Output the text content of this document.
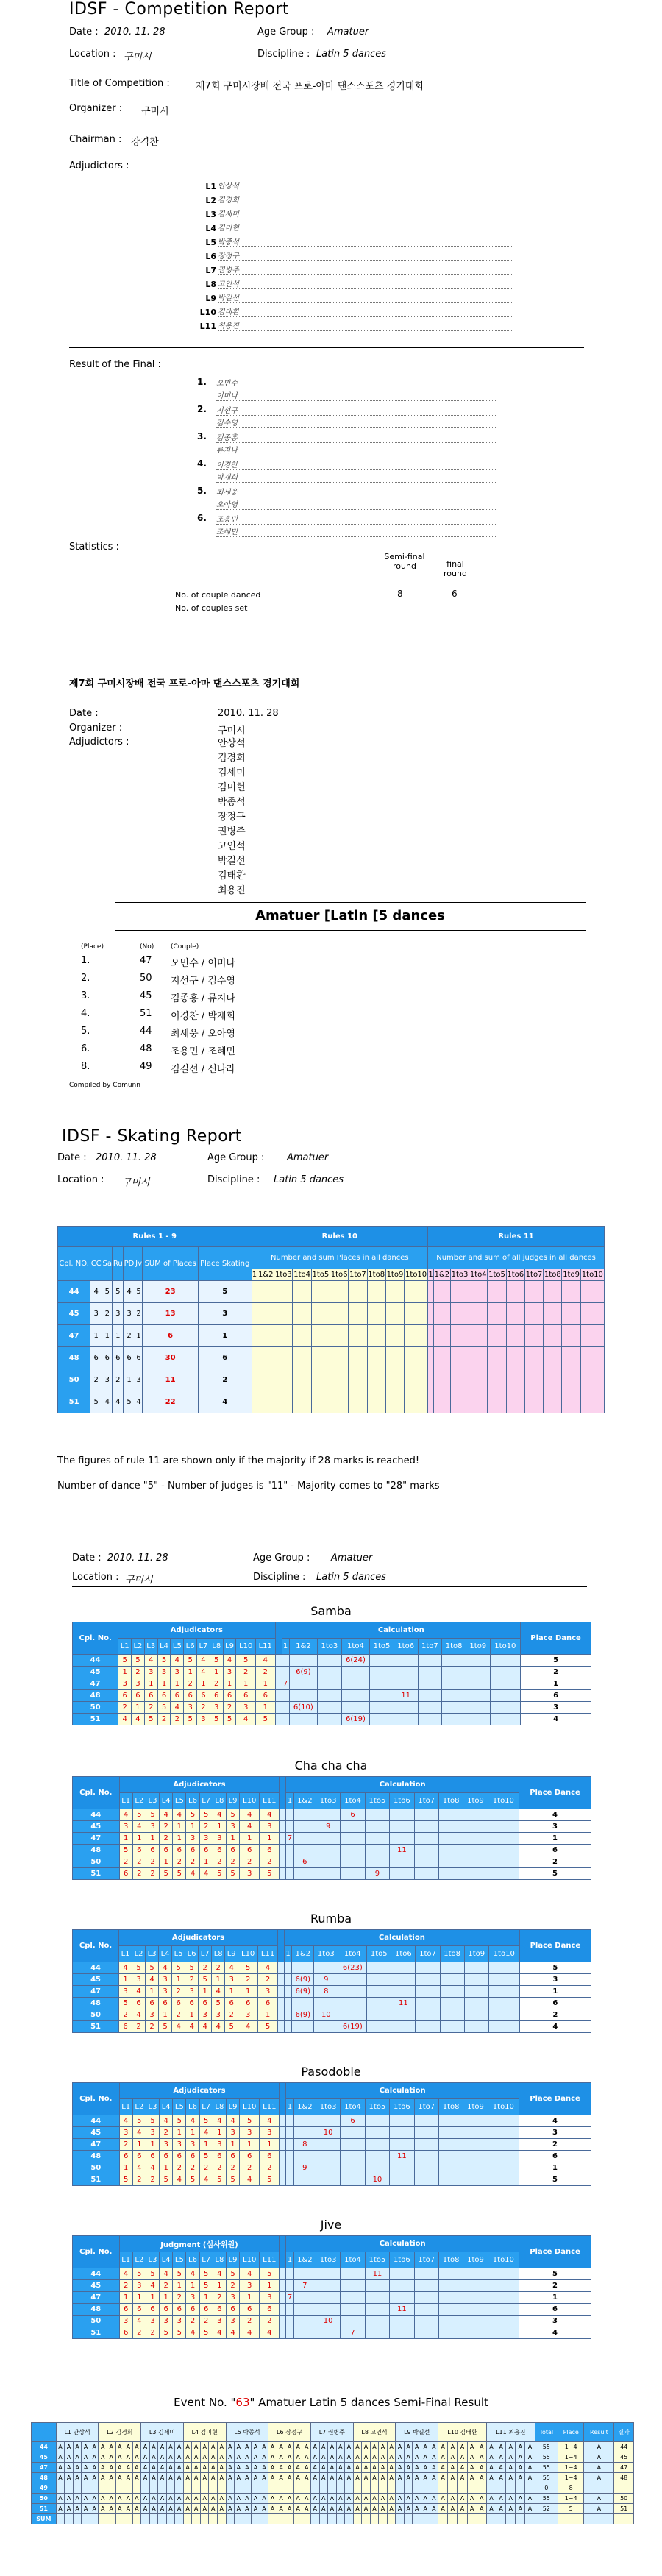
IDSF - Competition Report
Date : 2010. 11. 28	Age Group : Amatuer
Location : 구미시	Discipline : Latin 5 dances
Title of Competition :	제7회 구미시장배 전국 프로-아마 댄스스포츠 경기대회
Organizer : 구미시
Chairman : 강격찬
Adjudictors :
L1 안상석
L2 김경희
L3 김세미
L4 김미현
L5 박종석
L6 장정구
L7 권병주
L8 고인석
L9 박길선
L10 김태환
L11 최용진
Result of the Final :
1. 오민수
이미나
2. 지선구
김수영
3. 김종홍
류지나
4. 이경찬
박재희
5. 최세웅
오아영
6. 조용민
조혜민
Statistics :
Semi-final round	final round
No. of couple danced
No. of couples set
8	6
제7회 구미시장배 전국 프로-아마 댄스스포츠 경기대회
Date :	2010. 11. 28
Organizer :	구미시
Adjudictors :	안상석
김경희
김세미
김미현
박종석
장정구
권병주
고인석
박길선
김태환
최용진
Amatuer [Latin [5 dances
(Place)	(No)	(Couple)
1.	47	오민수 / 이미나
2.	50	지선구 / 김수영
3.	45	김종홍 / 류지나
4.	51	이경찬 / 박재희
5.	44	최세웅 / 오아영
6.	48	조용민 / 조혜민
8.	49	김길선 / 신나라
Compiled by Comunn
IDSF - Skating Report
Date : 2010. 11. 28	Age Group : Amatuer
Location : 구미시	Discipline : Latin 5 dances
Rules 1 - 9								Rules 10										Rules 11									
Cpl. NO.	CC	Sa	Ru	PD	Jv	SUM of Places	Place Skating	Number and sum Places in all dances										Number and sum of all judges in all dances									
								1	1&2	1to3	1to4	1to5	1to6	1to7	1to8	1to9	1to10	1	1&2	1to3	1to4	1to5	1to6	1to7	1to8	1to9	1to10
44	4	5	5	4	5	23	5																				
45	3	2	3	3	2	13	3																				
47	1	1	1	2	1	6	1																				
48	6	6	6	6	6	30	6																				
50	2	3	2	1	3	11	2																				
51	5	4	4	5	4	22	4																				
The figures of rule 11 are shown only if the majority if 28 marks is reached!
Number of dance "5" - Number of judges is "11" - Majority comes to "28" marks
Date : 2010. 11. 28	Age Group : Amatuer
Location : 구미시	Discipline : Latin 5 dances
Cpl. No.	Adjudicators												Calculation										Place Dance
	L1	L2	L3	L4	L5	L6	L7	L8	L9	L10	L11		1	1&2	1to3	1to4	1to5	1to6	1to7	1to8	1to9	1to10	
44	5	5	4	5	4	5	4	5	4	5	4					6(24)							5
45	1	2	3	3	3	1	4	1	3	2	2			6(9)									2
47	3	3	1	1	1	2	1	2	1	1	1		7										1
48	6	6	6	6	6	6	6	6	6	6	6							11					6
50	2	1	2	5	4	3	2	3	2	3	1			6(10)									3
51	4	4	5	2	2	5	3	5	5	4	5					6(19)							4
Cpl. No.	Adjudicators												Calculation										Place Dance
	L1	L2	L3	L4	L5	L6	L7	L8	L9	L10	L11		1	1&2	1to3	1to4	1to5	1to6	1to7	1to8	1to9	1to10	
44	4	5	5	4	4	5	5	4	5	4	4					6							4
45	3	4	3	2	1	1	2	1	3	4	3				9								3
47	1	1	1	2	1	3	3	3	1	1	1		7										1
48	5	6	6	6	6	6	6	6	6	6	6							11					6
50	2	2	2	1	2	2	1	2	2	2	2			6									2
51	6	2	2	5	5	4	4	5	5	3	5						9						5
Cpl. No.	Adjudicators												Calculation										Place Dance
	L1	L2	L3	L4	L5	L6	L7	L8	L9	L10	L11		1	1&2	1to3	1to4	1to5	1to6	1to7	1to8	1to9	1to10	
44	4	5	5	4	5	5	2	2	4	5	4					6(23)							5
45	1	3	4	3	1	2	5	1	3	2	2			6(9)	9								3
47	3	4	1	3	2	3	1	4	1	1	3			6(9)	8								1
48	5	6	6	6	6	6	6	5	6	6	6							11					6
50	2	4	3	1	2	1	3	3	2	3	1			6(9)	10								2
51	6	2	2	5	4	4	4	4	5	4	5					6(19)							4
Cpl. No.	Adjudicators												Calculation										Place Dance
	L1	L2	L3	L4	L5	L6	L7	L8	L9	L10	L11		1	1&2	1to3	1to4	1to5	1to6	1to7	1to8	1to9	1to10	
44	4	5	5	4	5	4	5	4	4	5	4					6							4
45	3	4	3	2	1	1	4	1	3	3	3				10								3
47	2	1	1	3	3	3	1	3	1	1	1			8									2
48	6	6	6	6	6	6	5	6	6	6	6							11					6
50	1	4	4	1	2	2	2	2	2	2	2			9									1
51	5	2	2	5	4	5	4	5	5	4	5						10						5
Cpl. No.	Judgment (심사위원)												Calculation										Place Dance
	L1	L2	L3	L4	L5	L6	L7	L8	L9	L10	L11		1	1&2	1to3	1to4	1to5	1to6	1to7	1to8	1to9	1to10	
44	4	5	5	4	5	4	5	4	5	4	5						11						5
45	2	3	4	2	1	1	5	1	2	3	1			7									2
47	1	1	1	1	2	3	1	2	3	1	3		7										1
48	6	6	6	6	6	6	6	6	6	6	6							11					6
50	3	4	3	3	3	2	2	3	3	2	2				10								3
51	6	2	2	5	5	4	5	4	4	4	4					7							4
Event No. "63" Amatuer Latin 5 dances Semi-Final Result
	L1 안상석					L2 김경희					L3 김세미					L4 김미현					L5 박종석					L6 장정구					L7 권병주					L8 고인석					L9 박길선					L10 김태환					L11 최용진					Total	Place	Result	결과
44	A	A	A	A	A	A	A	A	A	A	A	A	A	A	A	A	A	A	A	A	A	A	A	A	A	A	A	A	A	A	A	A	A	A	A	A	A	A	A	A	A	A	A	A	A	A	A	A	A	A	A	A	A	A	A	55	1~4	A	44
45	A	A	A	A	A	A	A	A	A	A	A	A	A	A	A	A	A	A	A	A	A	A	A	A	A	A	A	A	A	A	A	A	A	A	A	A	A	A	A	A	A	A	A	A	A	A	A	A	A	A	A	A	A	A	A	55	1~4	A	45
47	A	A	A	A	A	A	A	A	A	A	A	A	A	A	A	A	A	A	A	A	A	A	A	A	A	A	A	A	A	A	A	A	A	A	A	A	A	A	A	A	A	A	A	A	A	A	A	A	A	A	A	A	A	A	A	55	1~4	A	47
48	A	A	A	A	A	A	A	A	A	A	A	A	A	A	A	A	A	A	A	A	A	A	A	A	A	A	A	A	A	A	A	A	A	A	A	A	A	A	A	A	A	A	A	A	A	A	A	A	A	A	A	A	A	A	A	55	1~4	A	48
49																																																								0	8		
50	A	A	A	A	A	A	A	A	A	A	A	A	A	A	A	A	A	A	A	A	A	A	A	A	A	A	A	A	A	A	A	A	A	A	A	A	A	A	A	A	A	A	A	A	A	A	A	A	A	A	A	A	A	A	A	55	1~4	A	50
51	A	A	A	A	A	A	A	A	A	A	A	A	A	A	A	A	A	A	A	A	A	A	A	A	A	A	A	A	A	A	A	A	A	A	A	A	A	A	A	A	A	A	A	A	A	A	A	A	A	A	A	A	A	A	A	52	5	A	51
SUM																																																											
Samba
Cha cha cha
Rumba
Pasodoble
Jive
